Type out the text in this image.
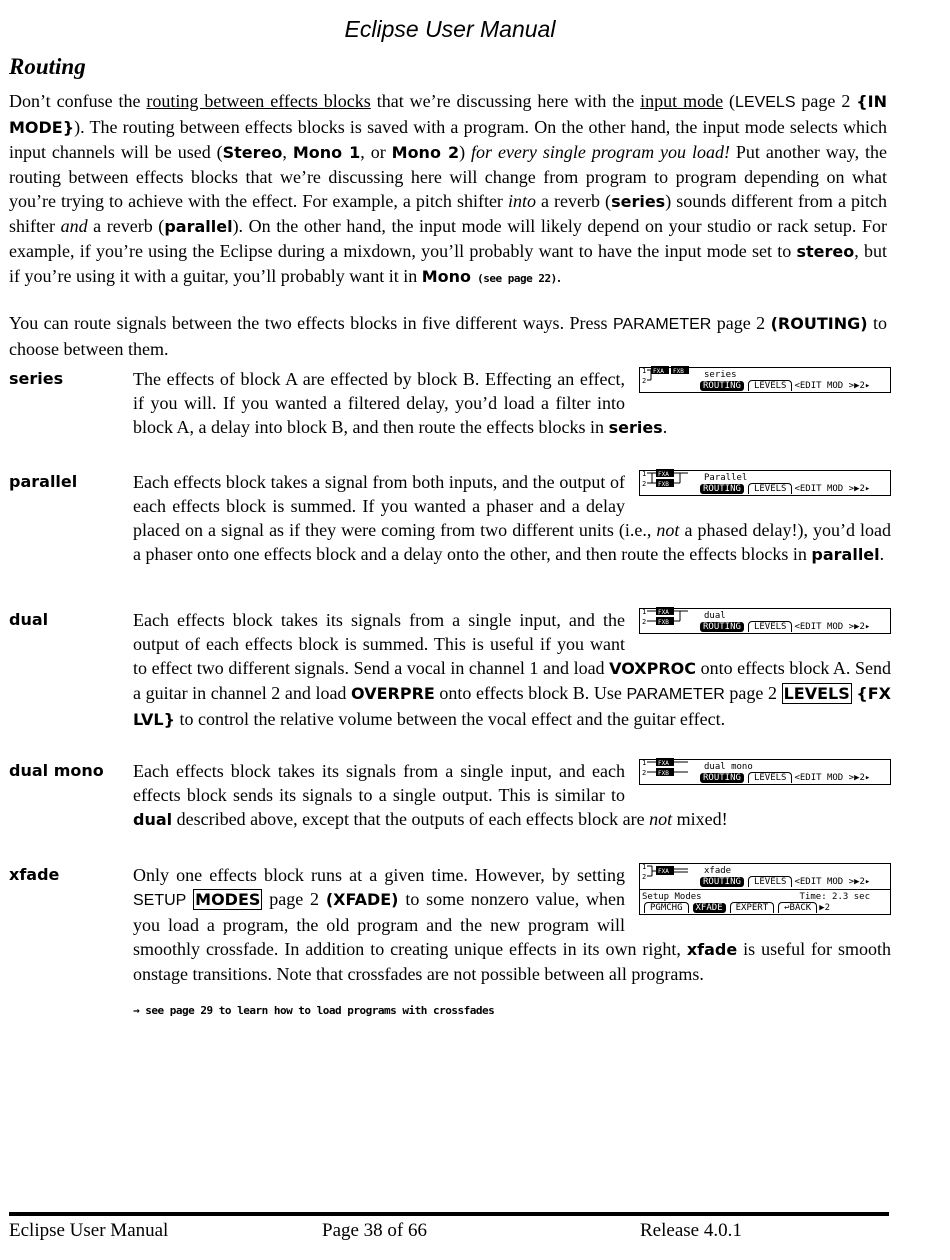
Eclipse User Manual
Routing
Don’t confuse the routing between effects blocks that we’re discussing here with the input mode (LEVELS page 2 {IN MODE}). The routing between effects blocks is saved with a program. On the other hand, the input mode selects which input channels will be used (Stereo, Mono 1, or Mono 2) for every single program you load! Put another way, the routing between effects blocks that we’re discussing here will change from program to program depending on what you’re trying to achieve with the effect. For example, a pitch shifter into a reverb (series) sounds different from a pitch shifter and a reverb (parallel). On the other hand, the input mode will likely depend on your studio or rack setup. For example, if you’re using the Eclipse during a mixdown, you’ll probably want to have the input mode set to stereo, but if you’re using it with a guitar, you’ll probably want it in Mono (see page 22).
You can route signals between the two effects blocks in five different ways. Press PARAMETER page 2 (ROUTING) to choose between them.
series	1
2
FXA FXB series
ROUTING	LEVELS <EDIT MOD > ▶2▸
The effects of block A are effected by block B. Effecting an effect, if you will. If you wanted a filtered delay, you’d load a filter into block A, a delay into block B, and then route the effects blocks in series.
parallel	1
2
FXA
FXB
Parallel
ROUTING	LEVELS <EDIT MOD > ▶2▸
Each effects block takes a signal from both inputs, and the output of each effects block is summed. If you wanted a phaser and a delay placed on a signal as if they were coming from two different units (i.e., not a phased delay!), you’d load a phaser onto one effects block and a delay onto the other, and then route the effects blocks in parallel.
dual	1
2
FXA
FXB
dual
ROUTING	LEVELS <EDIT MOD > ▶2▸
Each effects block takes its signals from a single input, and the output of each effects block is summed. This is useful if you want to effect two different signals. Send a vocal in channel 1 and load VOXPROC onto effects block A. Send a guitar in channel 2 and load OVERPRE onto effects block B. Use PARAMETER page 2 LEVELS {FX LVL} to control the relative volume between the vocal effect and the guitar effect.
dual mono	1
2
FXA
FXB
dual mono
ROUTING	LEVELS <EDIT MOD > ▶2▸
Each effects block takes its signals from a single input, and each effects block sends its signals to a single output. This is similar to dual described above, except that the outputs of each effects block are not mixed!
xfade	1
2
FXA	xfade
ROUTING	LEVELS <EDIT MOD > ▶2▸
Setup Modes	Time: 2.3 sec
PGMCHG	XFADE	EXPERT	↩BACK ▶2
Only one effects block runs at a given time. However, by setting SETUP MODES page 2 (XFADE) to some nonzero value, when you load a program, the old program and the new program will smoothly crossfade. In addition to creating unique effects in its own right, xfade is useful for smooth onstage transitions. Note that crossfades are not possible between all programs.
→ see page 29 to learn how to load programs with crossfades
Eclipse User Manual	Page 38 of 66	Release 4.0.1
